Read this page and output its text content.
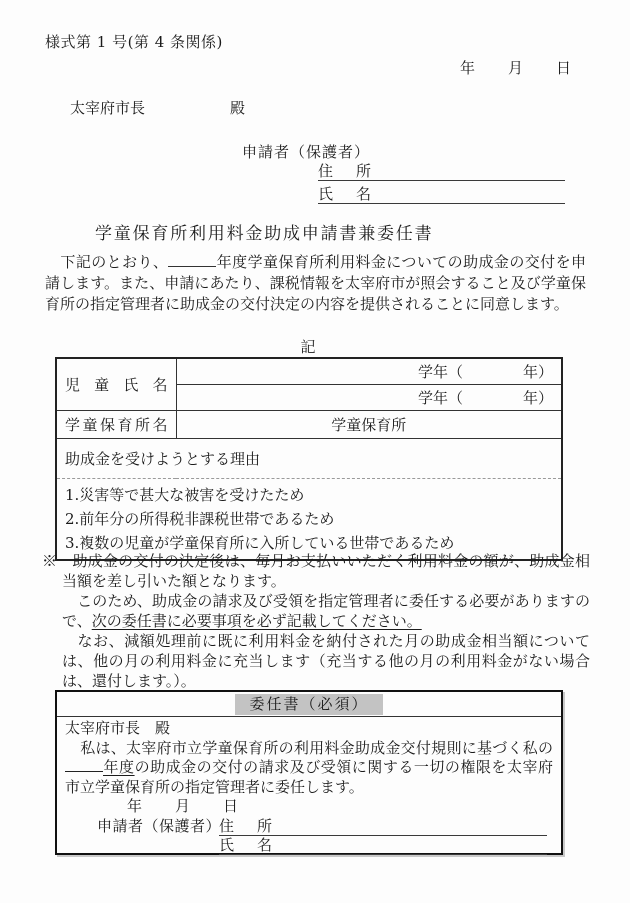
様式第 1 号(第 4 条関係)
年　　月　　日
太宰府市長	殿
申請者（保護者）
住　所
氏　名
学童保育所利用料金助成申請書兼委任書
　下記のとおり、	年度学童保育所利用料金についての助成金の交付を申請します。また、申請にあたり、課税情報を太宰府市が照会すること及び学童保育所の指定管理者に助成金の交付決定の内容を提供されることに同意します。
記
児童氏名	学年（　　　　年）
	学年（　　　　年）
学童保育所名	学童保育所
助成金を受けようとする理由	

1.災害等で甚大な被害を受けたため
2.前年分の所得税非課税世帯であるため
3.複数の児童が学童保育所に入所している世帯であるため	
※　助成金の交付の決定後は、毎月お支払いいただく利用料金の額が、助成金相当額を差し引いた額となります。
　このため、助成金の請求及び受領を指定管理者に委任する必要がありますので、次の委任書に必要事項を必ず記載してください。
　なお、減額処理前に既に利用料金を納付された月の助成金相当額については、他の月の利用料金に充当します（充当する他の月の利用料金がない場合は、還付します。）。
委任書（必須）
太宰府市長　殿
　私は、太宰府市立学童保育所の利用料金助成金交付規則に基づく私の年度の助成金の交付の請求及び受領に関する一切の権限を太宰府市立学童保育所の指定管理者に委任します。
年　　月　　日
申請者（保護者）
住　所
氏　名
